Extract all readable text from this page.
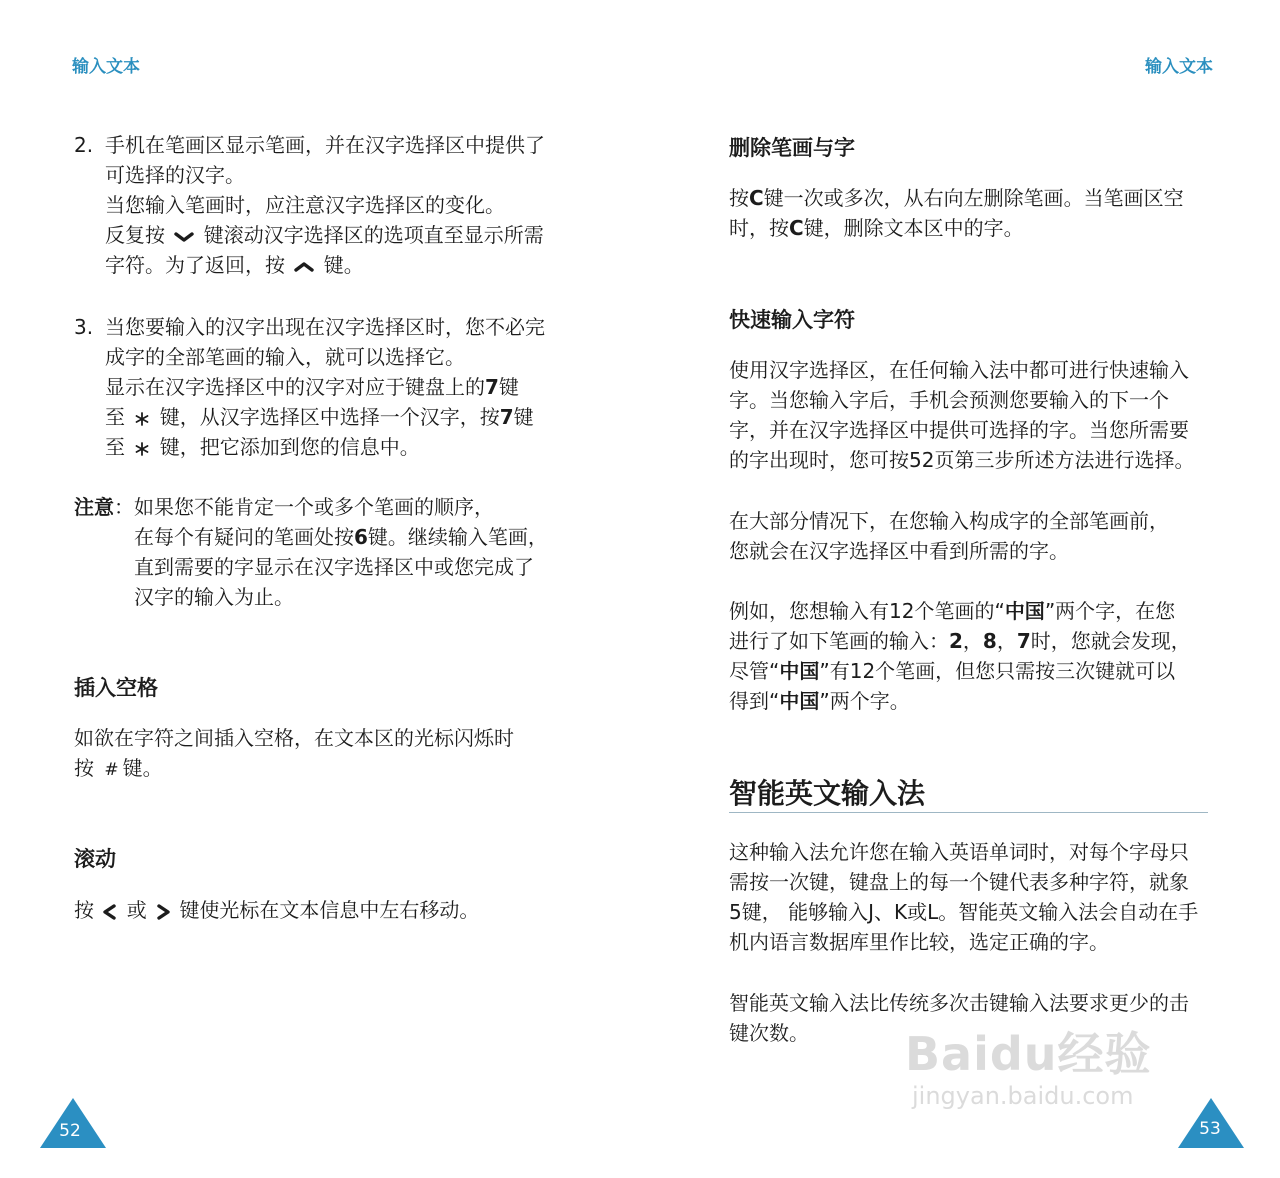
输入文本
2. 手机在笔画区显示笔画，并在汉字选择区中提供了
可选择的汉字。
当您输入笔画时，应注意汉字选择区的变化。
反复按 键滚动汉字选择区的选项直至显示所需
字符。为了返回，按 键。
3. 当您要输入的汉字出现在汉字选择区时，您不必完
成字的全部笔画的输入，就可以选择它。
显示在汉字选择区中的汉字对应于键盘上的7键
至 键，从汉字选择区中选择一个汉字，按7键
至 键，把它添加到您的信息中。
注意： 如果您不能肯定一个或多个笔画的顺序，
在每个有疑问的笔画处按6键。继续输入笔画，
直到需要的字显示在汉字选择区中或您完成了
汉字的输入为止。
插入空格
如欲在字符之间插入空格，在文本区的光标闪烁时
按 # 键。
滚动
按 或 键使光标在文本信息中左右移动。
52
输入文本
删除笔画与字
按C键一次或多次，从右向左删除笔画。当笔画区空
时，按C键，删除文本区中的字。
快速输入字符
使用汉字选择区，在任何输入法中都可进行快速输入
字。当您输入字后，手机会预测您要输入的下一个
字，并在汉字选择区中提供可选择的字。当您所需要
的字出现时，您可按52页第三步所述方法进行选择。
在大部分情况下，在您输入构成字的全部笔画前，
您就会在汉字选择区中看到所需的字。
例如，您想输入有12个笔画的“中国”两个字，在您
进行了如下笔画的输入：2，8，7时，您就会发现，
尽管“中国”有12个笔画，但您只需按三次键就可以
得到“中国”两个字。
智能英文输入法
这种输入法允许您在输入英语单词时，对每个字母只
需按一次键，键盘上的每一个键代表多种字符，就象
5键， 能够输入J、K或L。智能英文输入法会自动在手
机内语言数据库里作比较，选定正确的字。
智能英文输入法比传统多次击键输入法要求更少的击
键次数。
53
Baidu经验
jingyan.baidu.com
